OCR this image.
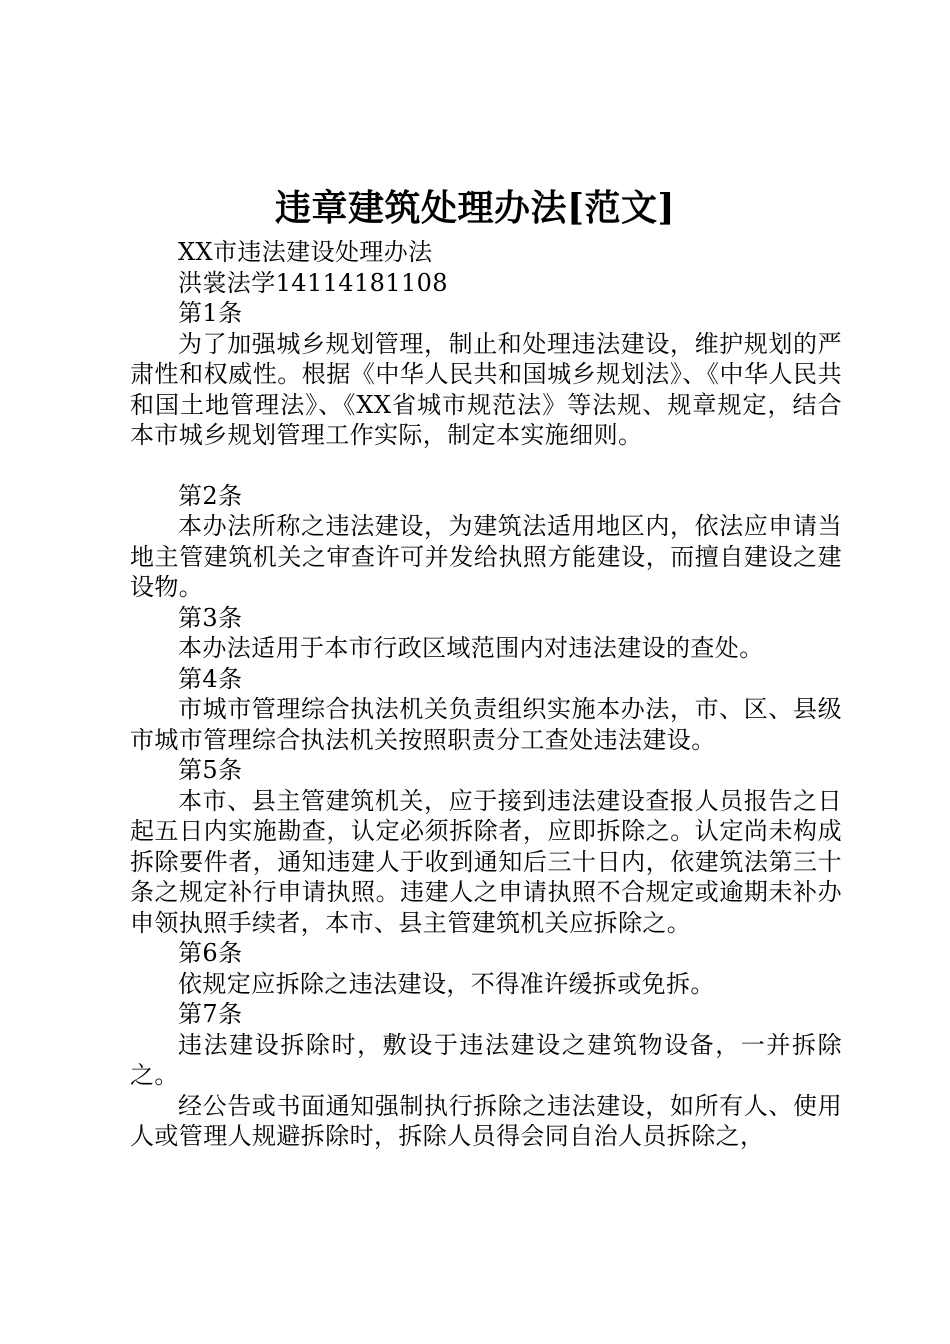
违章建筑处理办法[范文]

XX市违法建设处理办法

洪裳法学14114181108

第1条

为了加强城乡规划管理，制止和处理违法建设，维护规划的严肃性和权威性。根据《中华人民共和国城乡规划法》、《中华人民共和国土地管理法》、《XX省城市规范法》等法规、规章规定，结合本市城乡规划管理工作实际，制定本实施细则。

第2条

本办法所称之违法建设，为建筑法适用地区内，依法应申请当地主管建筑机关之审查许可并发给执照方能建设，而擅自建设之建设物。

第3条

本办法适用于本市行政区域范围内对违法建设的查处。

第4条

市城市管理综合执法机关负责组织实施本办法，市、区、县级市城市管理综合执法机关按照职责分工查处违法建设。

第5条

本市、县主管建筑机关，应于接到违法建设查报人员报告之日起五日内实施勘查，认定必须拆除者，应即拆除之。认定尚未构成拆除要件者，通知违建人于收到通知后三十日内，依建筑法第三十条之规定补行申请执照。违建人之申请执照不合规定或逾期未补办申领执照手续者，本市、县主管建筑机关应拆除之。

第6条

依规定应拆除之违法建设，不得准许缓拆或免拆。

第7条

违法建设拆除时，敷设于违法建设之建筑物设备，一并拆除之。

经公告或书面通知强制执行拆除之违法建设，如所有人、使用人或管理人规避拆除时，拆除人员得会同自治人员拆除之，
